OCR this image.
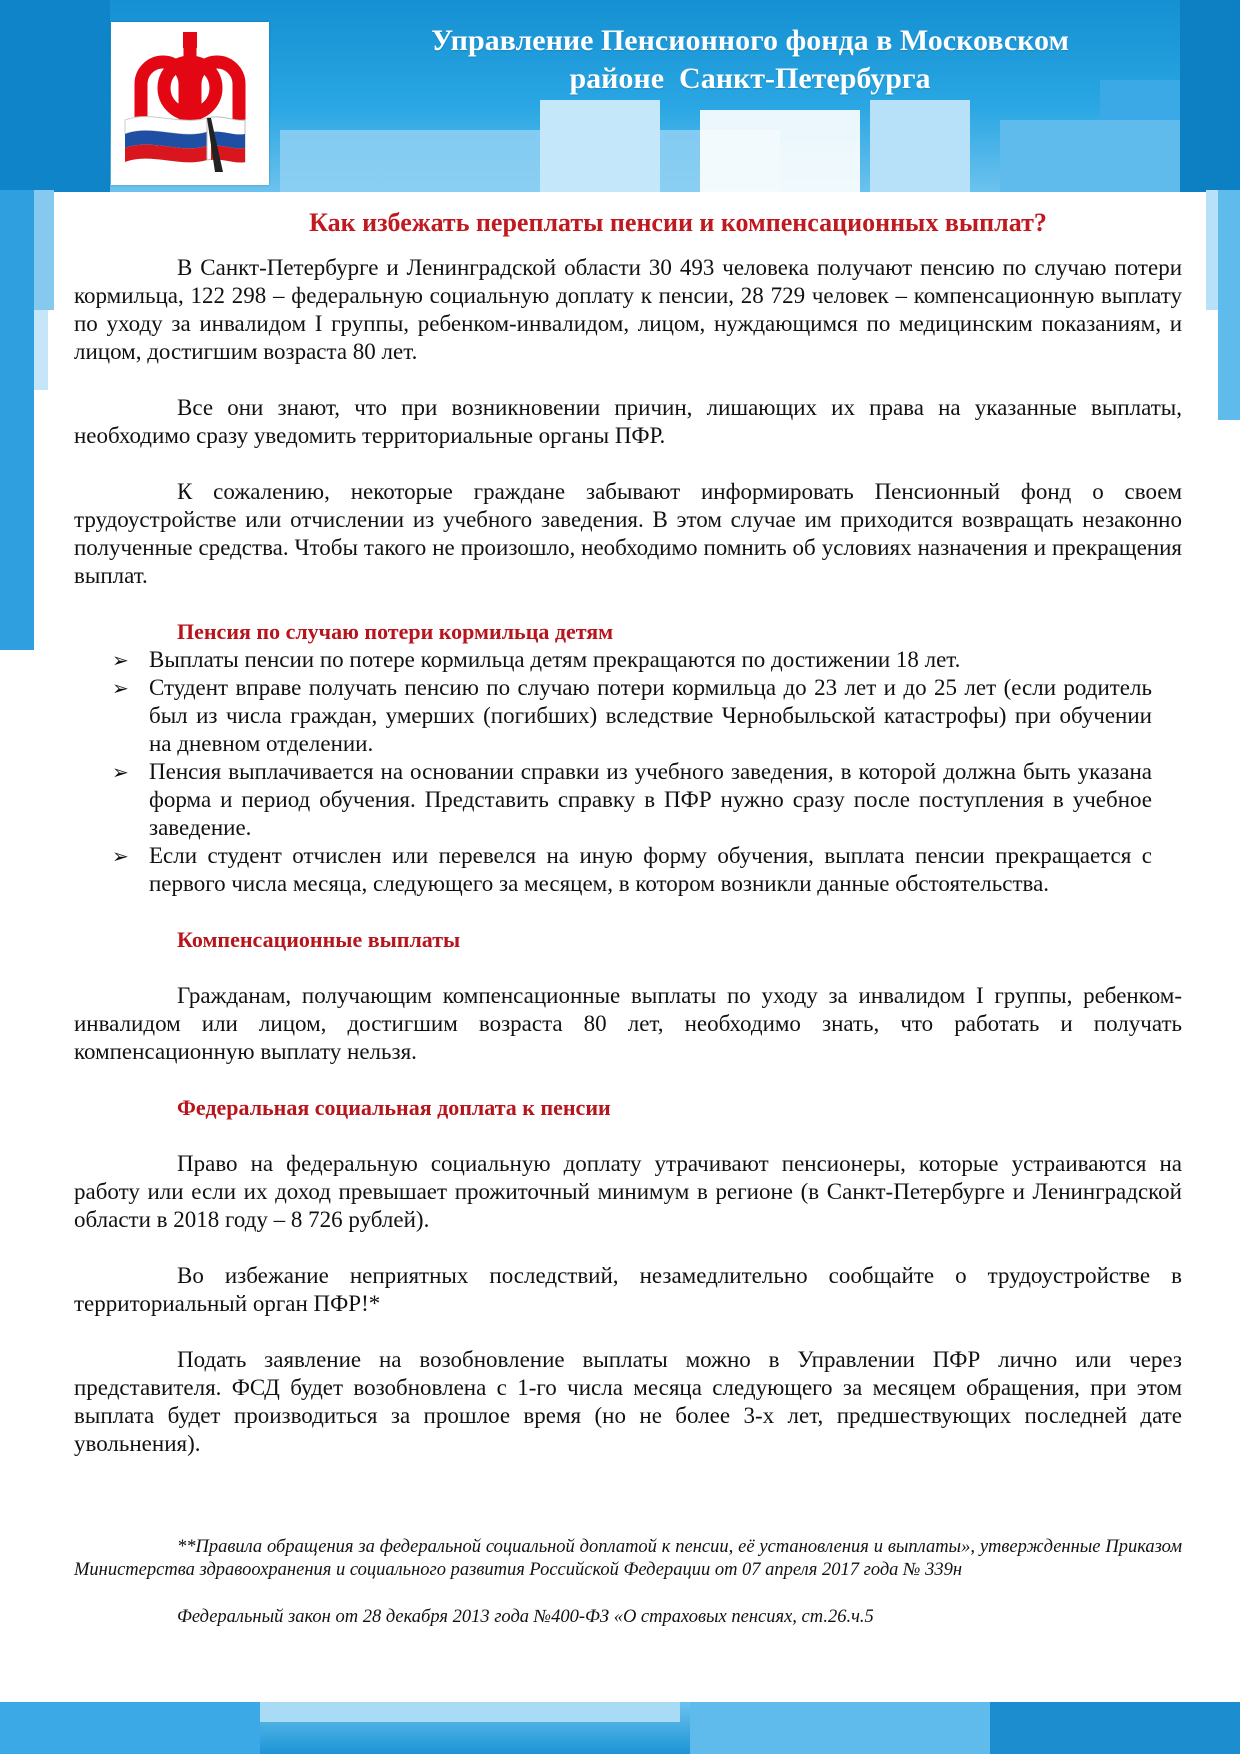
Управление Пенсионного фонда в Московском
районе  Санкт-Петербурга
Как избежать переплаты пенсии и компенсационных выплат?

В Санкт-Петербурге и Ленинградской области 30 493 человека получают пенсию по случаю потери кормильца, 122 298 – федеральную социальную доплату к пенсии, 28 729 человек – компенсационную выплату по уходу за инвалидом I группы, ребенком-инвалидом, лицом, нуждающимся по медицинским показаниям, и лицом, достигшим возраста 80 лет.

Все они знают, что при возникновении причин, лишающих их права на указанные выплаты, необходимо сразу уведомить территориальные органы ПФР.

К сожалению, некоторые граждане забывают информировать Пенсионный фонд о своем трудоустройстве или отчислении из учебного заведения. В этом случае им приходится возвращать незаконно полученные средства. Чтобы такого не произошло, необходимо помнить об условиях назначения и прекращения выплат.

Пенсия по случаю потери кормильца детям
➢ Выплаты пенсии по потере кормильца детям прекращаются по достижении 18 лет.
➢ Студент вправе получать пенсию по случаю потери кормильца до 23 лет и до 25 лет (если родитель был из числа граждан, умерших (погибших) вследствие Чернобыльской катастрофы) при обучении на дневном отделении.
➢ Пенсия выплачивается на основании справки из учебного заведения, в которой должна быть указана форма и период обучения. Представить справку в ПФР нужно сразу после поступления в учебное заведение.
➢ Если студент отчислен или перевелся на иную форму обучения, выплата пенсии прекращается с первого числа месяца, следующего за месяцем, в котором возникли данные обстоятельства.
Компенсационные выплаты

Гражданам, получающим компенсационные выплаты по уходу за инвалидом I группы, ребенком-инвалидом или лицом, достигшим возраста 80 лет, необходимо знать, что работать и получать компенсационную выплату нельзя.

Федеральная социальная доплата к пенсии

Право на федеральную социальную доплату утрачивают пенсионеры, которые устраиваются на работу или если их доход превышает прожиточный минимум в регионе (в Санкт-Петербурге и Ленинградской области в 2018 году – 8 726 рублей).

Во избежание неприятных последствий, незамедлительно сообщайте о трудоустройстве в территориальный орган ПФР!*

Подать заявление на возобновление выплаты можно в Управлении ПФР лично или через представителя. ФСД будет возобновлена с 1-го числа месяца следующего за месяцем обращения, при этом выплата будет производиться за прошлое время (но не более 3-х лет, предшествующих последней дате увольнения).

**Правила обращения за федеральной социальной доплатой к пенсии, её установления и выплаты», утвержденные Приказом Министерства здравоохранения и социального развития Российской Федерации от 07 апреля 2017 года № 339н

Федеральный закон от 28 декабря 2013 года №400-ФЗ «О страховых пенсиях, ст.26.ч.5
